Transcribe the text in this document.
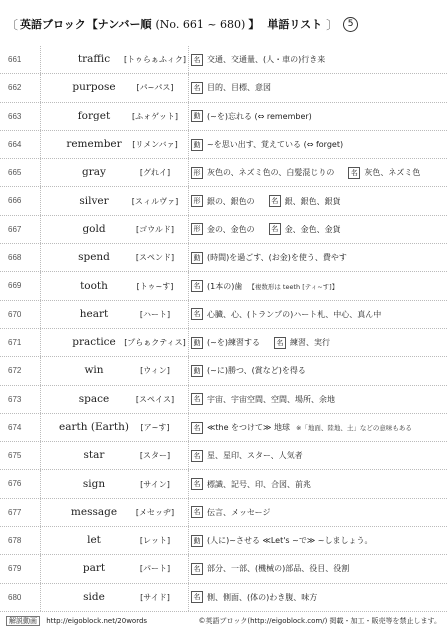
〔 英語ブロック 【ナンバー順 (No. 661 ~ 680) 】 単語リスト 〕	5
661	traffic	[トゥらぁふィク]	名 交通、交通量、(人・車の)行き来
662	purpose	[パ~パス]	名 目的、目標、意図
663	forget	[ふォゲット]	動 (~を)忘れる (⇔ remember)
664	remember	[リメンバァ]	動 ~を思い出す、覚えている (⇔ forget)
665	gray	[グれイ]	形 灰色の、ネズミ色の、白髪混じりの	名 灰色、ネズミ色
666	silver	[スィルヴァ]	形 銀の、銀色の	名 銀、銀色、銀貨
667	gold	[ゴウルド]	形 金の、金色の	名 金、金色、金貨
668	spend	[スペンド]	動 (時間)を過ごす、(お金)を使う、費やす
669	tooth	[トゥ~す]	名 (1本の)歯 【複数形は teeth [ティ~す]】
670	heart	[ハート]	名 心臓、心、(トランプの)ハート札、中心、真ん中
671	practice	[プらぁクティス]	動 (~を)練習する	名 練習、実行
672	win	[ウィン]	動 (~に)勝つ、(賞など)を得る
673	space	[スペイス]	名 宇宙、宇宙空間、空間、場所、余地
674	earth (Earth)	[ア~す]	名 ≪the をつけて≫ 地球 ※「地面、陸地、土」などの意味もある
675	star	[スター]	名 星、星印、スター、人気者
676	sign	[サイン]	名 標識、記号、印、合図、前兆
677	message	[メセッヂ]	名 伝言、メッセージ
678	let	[レット]	動 (人に)~させる ≪Let's ~で≫ ~しましょう。
679	part	[パート]	名 部分、一部、(機械の)部品、役目、役割
680	side	[サイド]	名 側、側面、(体の)わき腹、味方
解説動画 http://eigoblock.net/20words	©英語ブロック(http://eigoblock.com/) 掲載・加工・販売等を禁止します。
